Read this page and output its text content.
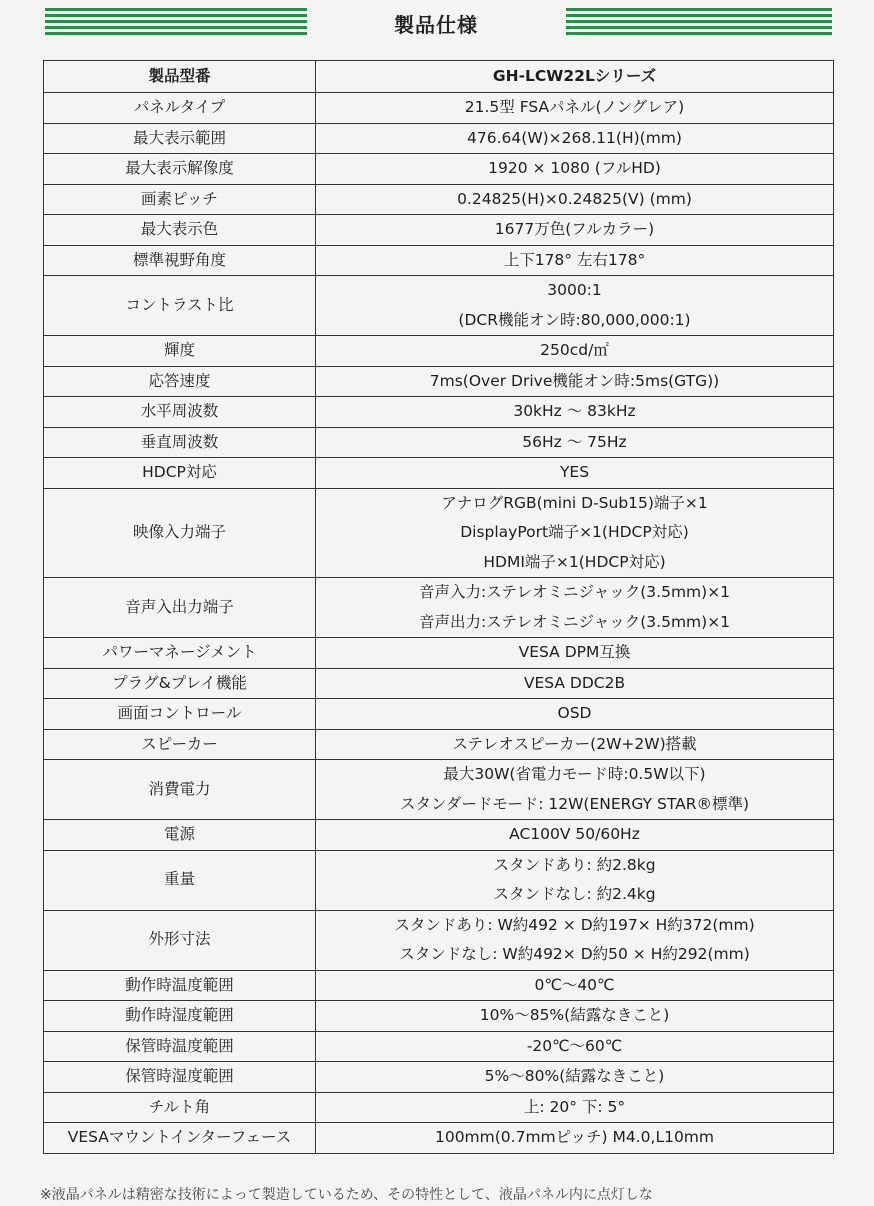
製品仕様
製品型番	GH-LCW22Lシリーズ
パネルタイプ	21.5型 FSAパネル(ノングレア)

最大表示範囲	476.64(W)×268.11(H)(mm)

最大表示解像度	1920 × 1080 (フルHD)

画素ピッチ	0.24825(H)×0.24825(V) (mm)

最大表示色	1677万色(フルカラー)

標準視野角度	上下178° 左右178°

コントラスト比	3000:1
(DCR機能オン時:80,000,000:1)

輝度	250cd/㎡

応答速度	7ms(Over Drive機能オン時:5ms(GTG))

水平周波数	30kHz ～ 83kHz

垂直周波数	56Hz ～ 75Hz

HDCP対応	YES

映像入力端子	アナログRGB(mini D-Sub15)端子×1
DisplayPort端子×1(HDCP対応)
HDMI端子×1(HDCP対応)

音声入出力端子	音声入力:ステレオミニジャック(3.5mm)×1
音声出力:ステレオミニジャック(3.5mm)×1

パワーマネージメント	VESA DPM互換

プラグ&プレイ機能	VESA DDC2B

画面コントロール	OSD

スピーカー	ステレオスピーカー(2W+2W)搭載

消費電力	最大30W(省電力モード時:0.5W以下)
スタンダードモード: 12W(ENERGY STAR®標準)

電源	AC100V 50/60Hz

重量	スタンドあり: 約2.8kg
スタンドなし: 約2.4kg

外形寸法	スタンドあり: W約492 × D約197× H約372(mm)
スタンドなし: W約492× D約50 × H約292(mm)

動作時温度範囲	0℃～40℃

動作時湿度範囲	10%～85%(結露なきこと)

保管時温度範囲	-20℃～60℃

保管時湿度範囲	5%～80%(結露なきこと)

チルト角	上: 20° 下: 5°

VESAマウントインターフェース	100mm(0.7mmピッチ) M4.0,L10mm
※液晶パネルは精密な技術によって製造しているため、その特性として、液晶パネル内に点灯しな
